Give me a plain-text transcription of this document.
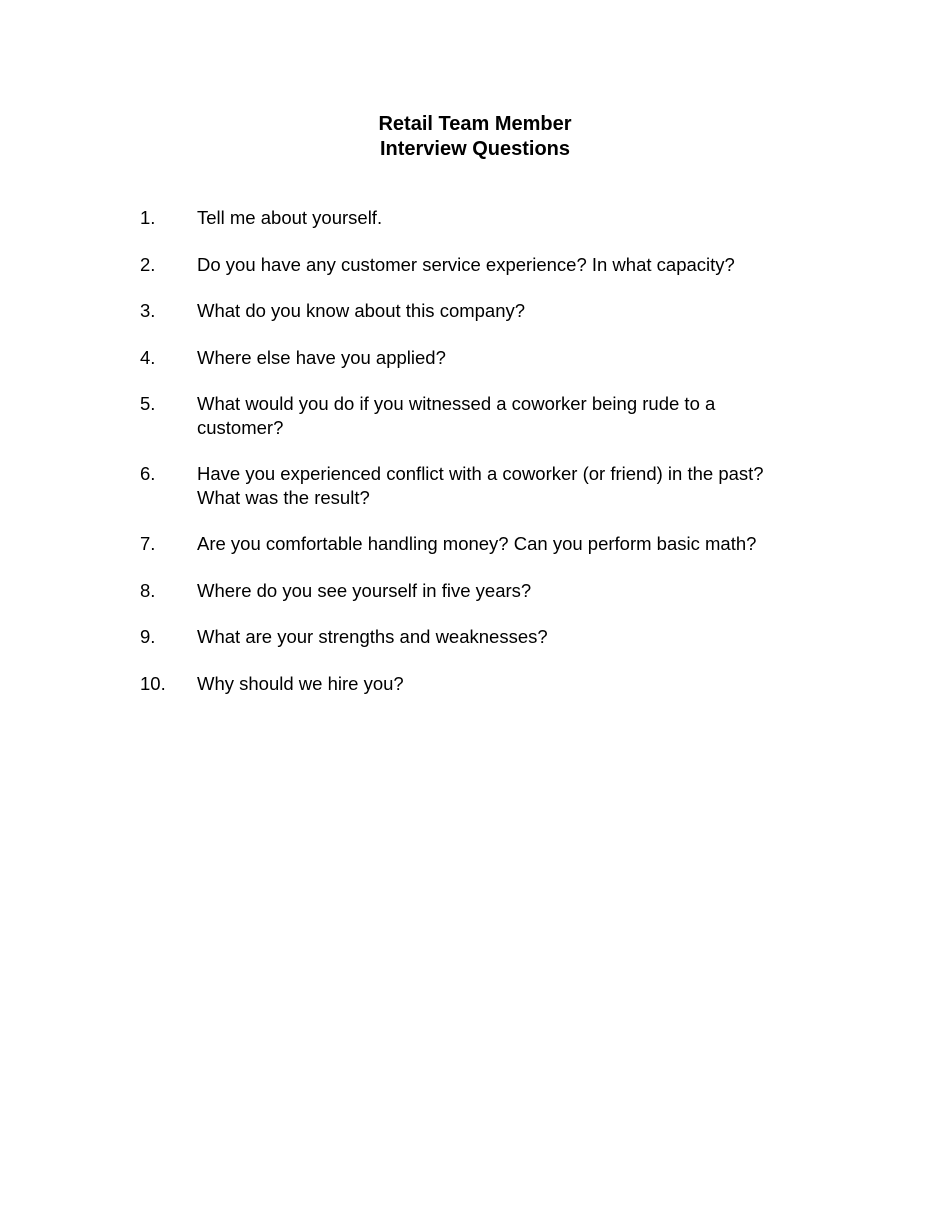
Retail Team Member
Interview Questions
1.	Tell me about yourself.
2.	Do you have any customer service experience? In what capacity?
3.	What do you know about this company?
4.	Where else have you applied?
5.	What would you do if you witnessed a coworker being rude to a customer?
6.	Have you experienced conflict with a coworker (or friend) in the past? What was the result?
7.	Are you comfortable handling money? Can you perform basic math?
8.	Where do you see yourself in five years?
9.	What are your strengths and weaknesses?
10.	Why should we hire you?
